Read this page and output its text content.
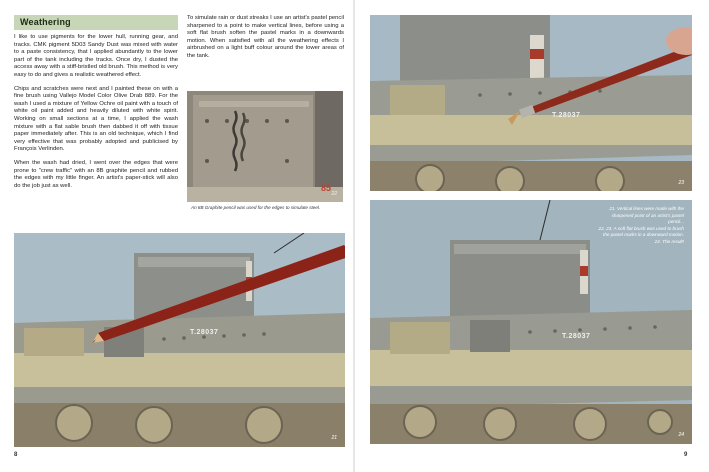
Weathering

I like to use pigments for the lower hull, running gear, and tracks. CMK pigment 5D03 Sandy Dust was mixed with water to a paste consistency, that I applied abundantly to the lower part of the tank including the tracks. Once dry, I dusted the access away with a stiff-bristled old brush. This method is very easy to do and gives a realistic weathered effect.

Chips and scratches were next and I painted these on with a fine brush using Vallejo Model Color Olive Drab 889. For the wash I used a mixture of Yellow Ochre oil paint with a touch of white oil paint added and heavily diluted with white spirit. Working on small sections at a time, I applied the wash mixture with a flat sable brush then dabbed it off with tissue paper immediately after. This is an old technique, which I find very effective that was probably adopted and publicised by François Verlinden.

When the wash had dried, I went over the edges that were prone to "crew traffic" with an 8B graphite pencil and rubbed the edges with my little finger. An artist's paper-stick will also do the job just as well.

To simulate rain or dust streaks I use an artist's pastel pencil sharpened to a point to make vertical lines, before using a soft flat brush soften the pastel marks in a downwards motion. When satisfied with all the weathering effects I airbrushed on a light buff colour around the lower areas of the tank.

85
22
An 8B Graphite pencil was used for the edges to simulate steel.
T.28037
21
T.28037
23
T.28037
24
21. Vertical lines were made with the sharpened point of an artist's pastel pencil...
22, 23. A soft flat brush was used to brush the pastel marks in a downward motion.
24. The result!
8	9
